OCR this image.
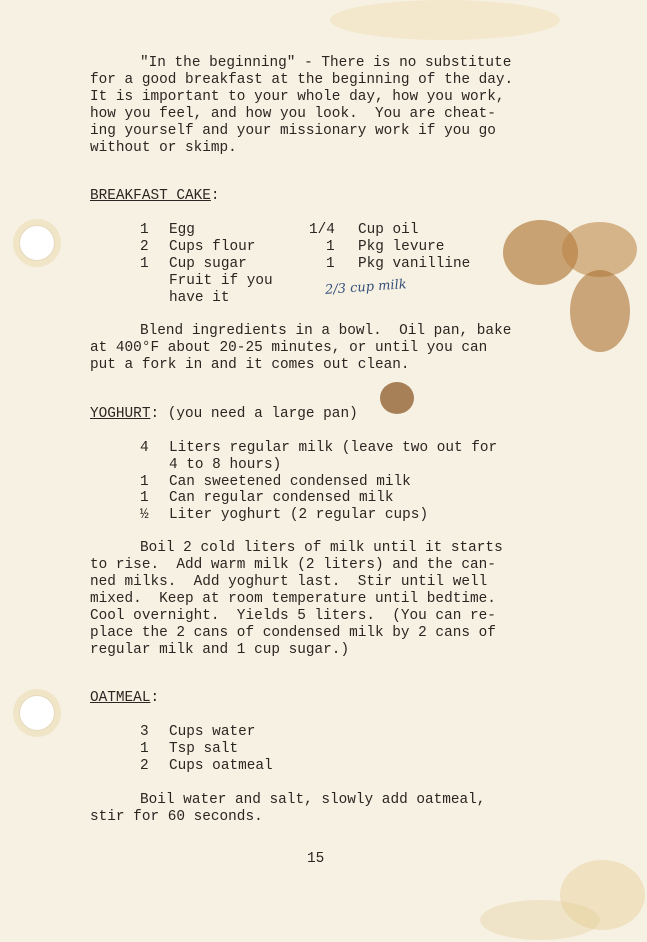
"In the beginning" - There is no substitute
for a good breakfast at the beginning of the day.
It is important to your whole day, how you work,
how you feel, and how you look.  You are cheat-
ing yourself and your missionary work if you go
without or skimp.
BREAKFAST CAKE:
1 Egg
2 Cups flour
1 Cup sugar
Fruit if you
have it
1/4 Cup oil
1 Pkg levure
1 Pkg vanilline
2/3 cup milk
Blend ingredients in a bowl.  Oil pan, bake
at 400°F about 20-25 minutes, or until you can
put a fork in and it comes out clean.
YOGHURT: (you need a large pan)
4 Liters regular milk (leave two out for
4 to 8 hours)
1 Can sweetened condensed milk
1 Can regular condensed milk
½ Liter yoghurt (2 regular cups)
Boil 2 cold liters of milk until it starts
to rise.  Add warm milk (2 liters) and the can-
ned milks.  Add yoghurt last.  Stir until well
mixed.  Keep at room temperature until bedtime.
Cool overnight.  Yields 5 liters.  (You can re-
place the 2 cans of condensed milk by 2 cans of
regular milk and 1 cup sugar.)
OATMEAL:
3 Cups water
1 Tsp salt
2 Cups oatmeal
Boil water and salt, slowly add oatmeal,
stir for 60 seconds.
15
